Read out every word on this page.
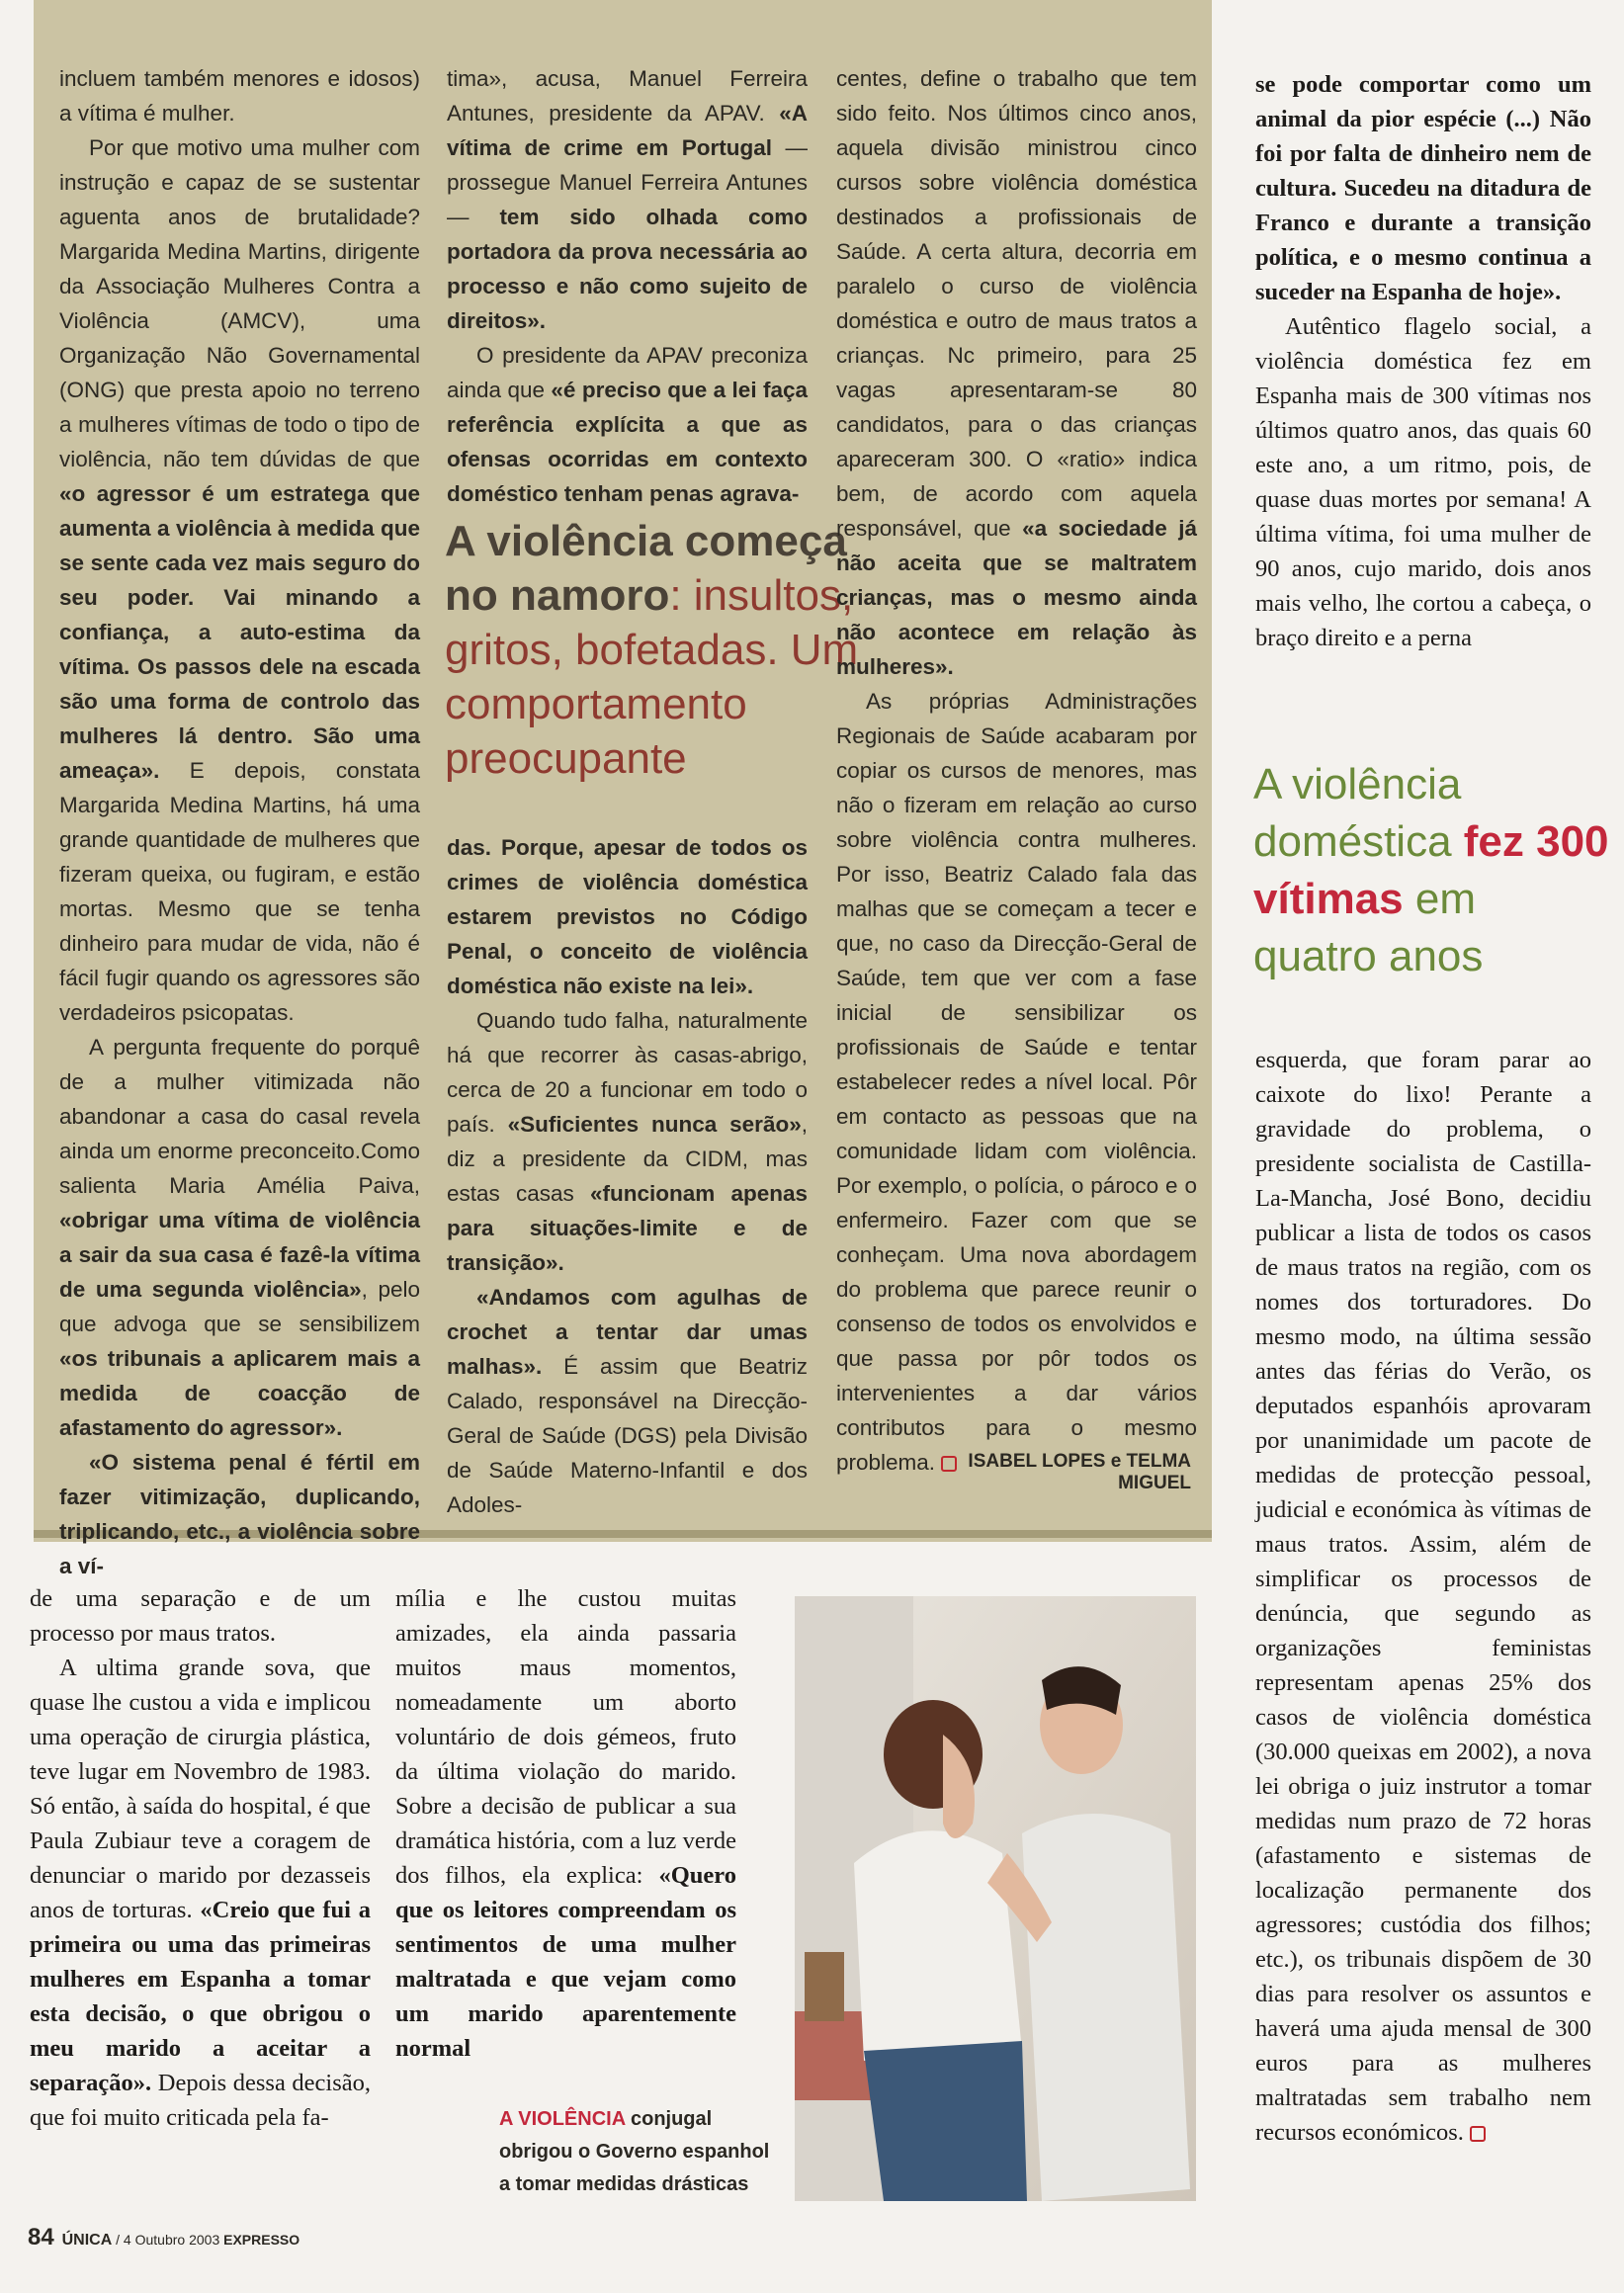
incluem também menores e idosos) a vítima é mulher.

Por que motivo uma mulher com instrução e capaz de se sustentar aguenta anos de brutalidade? Margarida Medina Martins, dirigente da Associação Mulheres Contra a Violência (AMCV), uma Organização Não Governamental (ONG) que presta apoio no terreno a mulheres vítimas de todo o tipo de violência, não tem dúvidas de que «o agressor é um estratega que aumenta a violência à medida que se sente cada vez mais seguro do seu poder. Vai minando a confiança, a auto-estima da vítima. Os passos dele na escada são uma forma de controlo das mulheres lá dentro. São uma ameaça». E depois, constata Margarida Medina Martins, há uma grande quantidade de mulheres que fizeram queixa, ou fugiram, e estão mortas. Mesmo que se tenha dinheiro para mudar de vida, não é fácil fugir quando os agressores são verdadeiros psicopatas.

A pergunta frequente do porquê de a mulher vitimizada não abandonar a casa do casal revela ainda um enorme preconceito.Como salienta Maria Amélia Paiva, «obrigar uma vítima de violência a sair da sua casa é fazê-la vítima de uma segunda violência», pelo que advoga que se sensibilizem «os tribunais a aplicarem mais a medida de coacção de afastamento do agressor».

«O sistema penal é fértil em fazer vitimização, duplicando, triplicando, etc., a violência sobre a ví-

tima», acusa, Manuel Ferreira Antunes, presidente da APAV. «A vítima de crime em Portugal — prossegue Manuel Ferreira Antunes — tem sido olhada como portadora da prova necessária ao processo e não como sujeito de direitos».

O presidente da APAV preconiza ainda que «é preciso que a lei faça referência explícita a que as ofensas ocorridas em contexto doméstico tenham penas agrava-

A violência começa no namoro: insultos, gritos, bofetadas. Um comportamento preocupante

das. Porque, apesar de todos os crimes de violência doméstica estarem previstos no Código Penal, o conceito de violência doméstica não existe na lei».

Quando tudo falha, naturalmente há que recorrer às casas-abrigo, cerca de 20 a funcionar em todo o país. «Suficientes nunca serão», diz a presidente da CIDM, mas estas casas «funcionam apenas para situações-limite e de transição».

«Andamos com agulhas de crochet a tentar dar umas malhas». É assim que Beatriz Calado, responsável na Direcção-Geral de Saúde (DGS) pela Divisão de Saúde Materno-Infantil e dos Adoles-

centes, define o trabalho que tem sido feito. Nos últimos cinco anos, aquela divisão ministrou cinco cursos sobre violência doméstica destinados a profissionais de Saúde. A certa altura, decorria em paralelo o curso de violência doméstica e outro de maus tratos a crianças. Nc primeiro, para 25 vagas apresentaram-se 80 candidatos, para o das crianças apareceram 300. O «ratio» indica bem, de acordo com aquela responsável, que «a sociedade já não aceita que se maltratem crianças, mas o mesmo ainda não acontece em relação às mulheres».

As próprias Administrações Regionais de Saúde acabaram por copiar os cursos de menores, mas não o fizeram em relação ao curso sobre violência contra mulheres. Por isso, Beatriz Calado fala das malhas que se começam a tecer e que, no caso da Direcção-Geral de Saúde, tem que ver com a fase inicial de sensibilizar os profissionais de Saúde e tentar estabelecer redes a nível local. Pôr em contacto as pessoas que na comunidade lidam com violência. Por exemplo, o polícia, o pároco e o enfermeiro. Fazer com que se conheçam. Uma nova abordagem do problema que parece reunir o consenso de todos os envolvidos e que passa por pôr todos os intervenientes a dar vários contributos para o mesmo problema.	ISABEL LOPES e TELMA MIGUEL

se pode comportar como um animal da pior espécie (...) Não foi por falta de dinheiro nem de cultura. Sucedeu na ditadura de Franco e durante a transição política, e o mesmo continua a suceder na Espanha de hoje».

Autêntico flagelo social, a violência doméstica fez em Espanha mais de 300 vítimas nos últimos quatro anos, das quais 60 este ano, a um ritmo, pois, de quase duas mortes por semana! A última vítima, foi uma mulher de 90 anos, cujo marido, dois anos mais velho, lhe cortou a cabeça, o braço direito e a perna

A violência doméstica fez 300 vítimas em quatro anos

esquerda, que foram parar ao caixote do lixo! Perante a gravidade do problema, o presidente socialista de Castilla-La-Mancha, José Bono, decidiu publicar a lista de todos os casos de maus tratos na região, com os nomes dos torturadores. Do mesmo modo, na última sessão antes das férias do Verão, os deputados espanhóis aprovaram por unanimidade um pacote de medidas de protecção pessoal, judicial e económica às vítimas de maus tratos. Assim, além de simplificar os processos de denúncia, que segundo as organizações feministas representam apenas 25% dos casos de violência doméstica (30.000 queixas em 2002), a nova lei obriga o juiz instrutor a tomar medidas num prazo de 72 horas (afastamento e sistemas de localização permanente dos agressores; custódia dos filhos; etc.), os tribunais dispõem de 30 dias para resolver os assuntos e haverá uma ajuda mensal de 300 euros para as mulheres maltratadas sem trabalho nem recursos económicos.

de uma separação e de um processo por maus tratos.

A ultima grande sova, que quase lhe custou a vida e implicou uma operação de cirurgia plástica, teve lugar em Novembro de 1983. Só então, à saída do hospital, é que Paula Zubiaur teve a coragem de denunciar o marido por dezasseis anos de torturas. «Creio que fui a primeira ou uma das primeiras mulheres em Espanha a tomar esta decisão, o que obrigou o meu marido a aceitar a separação». Depois dessa decisão, que foi muito criticada pela fa-

mília e lhe custou muitas amizades, ela ainda passaria muitos maus momentos, nomeadamente um aborto voluntário de dois gémeos, fruto da última violação do marido. Sobre a decisão de publicar a sua dramática história, com a luz verde dos filhos, ela explica: «Quero que os leitores compreendam os sentimentos de uma mulher maltratada e que vejam como um marido aparentemente normal

A VIOLÊNCIA conjugal obrigou o Governo espanhol a tomar medidas drásticas
84 ÚNICA / 4 Outubro 2003 EXPRESSO
